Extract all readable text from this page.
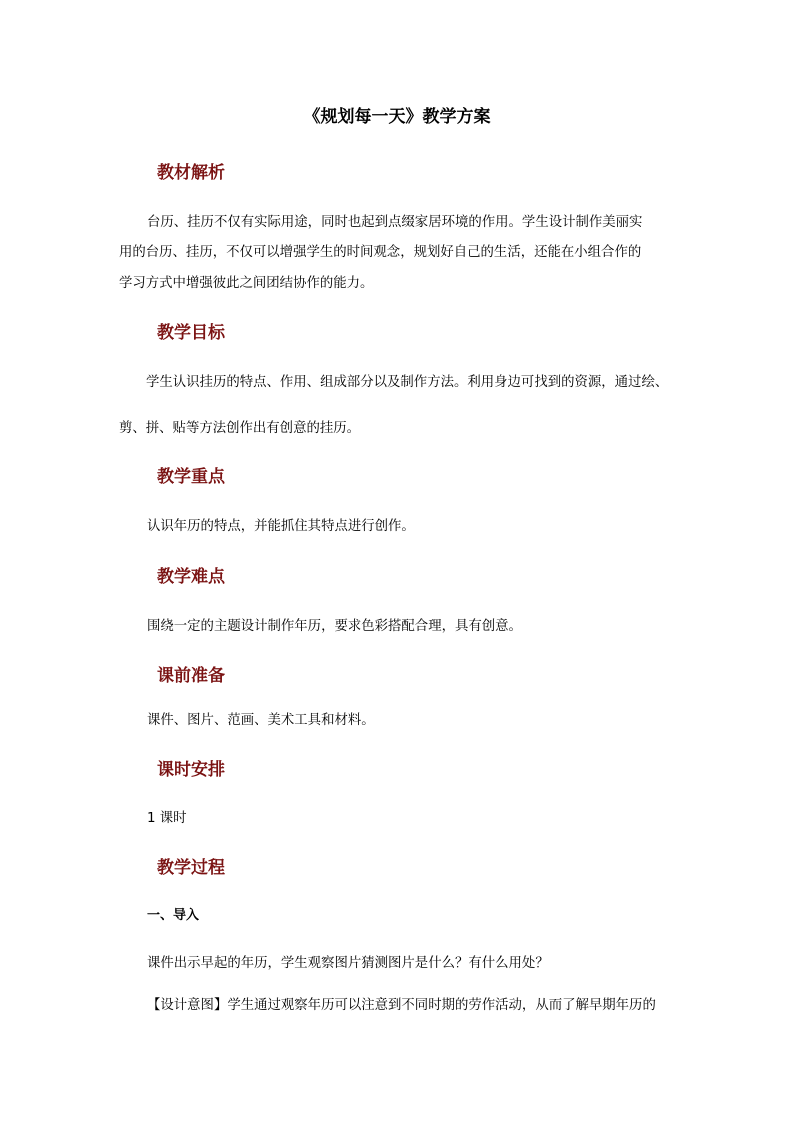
《规划每一天》教学方案
教材解析

台历、挂历不仅有实际用途，同时也起到点缀家居环境的作用。学生设计制作美丽实

用的台历、挂历，不仅可以增强学生的时间观念，规划好自己的生活，还能在小组合作的

学习方式中增强彼此之间团结协作的能力。

教学目标

学生认识挂历的特点、作用、组成部分以及制作方法。利用身边可找到的资源，通过绘、

剪、拼、贴等方法创作出有创意的挂历。

教学重点

认识年历的特点，并能抓住其特点进行创作。

教学难点

围绕一定的主题设计制作年历，要求色彩搭配合理，具有创意。

课前准备

课件、图片、范画、美术工具和材料。

课时安排

1 课时

教学过程

一、导入

课件出示早起的年历，学生观察图片猜测图片是什么？有什么用处？

【设计意图】学生通过观察年历可以注意到不同时期的劳作活动，从而了解早期年历的
